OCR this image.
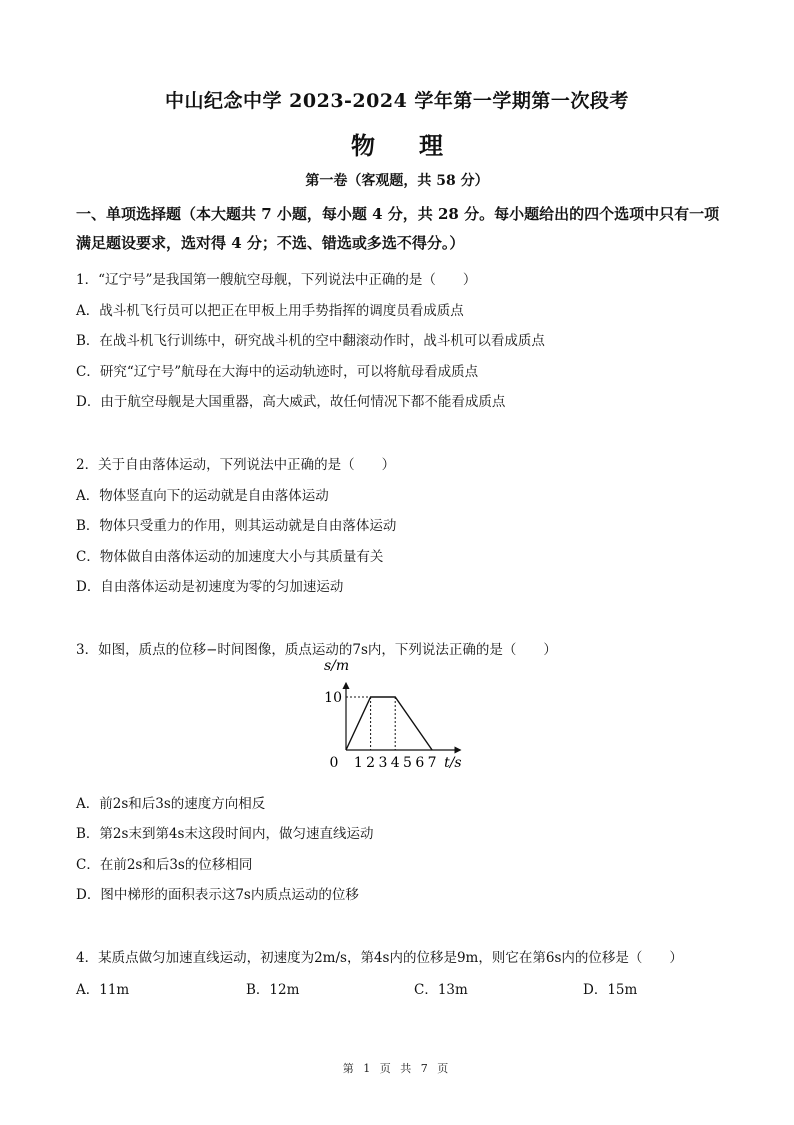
中山纪念中学 2023-2024 学年第一学期第一次段考
物 理
第一卷（客观题，共 58 分）
一、单项选择题（本大题共 7 小题，每小题 4 分，共 28 分。每小题给出的四个选项中只有一项满足题设要求，选对得 4 分；不选、错选或多选不得分。）
1．“辽宁号”是我国第一艘航空母舰，下列说法中正确的是（　　）
A．战斗机飞行员可以把正在甲板上用手势指挥的调度员看成质点
B．在战斗机飞行训练中，研究战斗机的空中翻滚动作时，战斗机可以看成质点
C．研究“辽宁号”航母在大海中的运动轨迹时，可以将航母看成质点
D．由于航空母舰是大国重器，高大威武，故任何情况下都不能看成质点
2．关于自由落体运动，下列说法中正确的是（　　）
A．物体竖直向下的运动就是自由落体运动
B．物体只受重力的作用，则其运动就是自由落体运动
C．物体做自由落体运动的加速度大小与其质量有关
D．自由落体运动是初速度为零的匀加速运动
3．如图，质点的位移−时间图像，质点运动的7s内，下列说法正确的是（　　）
s/m
t/s
0 1 2 3 4 5 6 7
10
A．前2s和后3s的速度方向相反
B．第2s末到第4s末这段时间内，做匀速直线运动
C．在前2s和后3s的位移相同
D．图中梯形的面积表示这7s内质点运动的位移
4．某质点做匀加速直线运动，初速度为2m/s，第4s内的位移是9m，则它在第6s内的位移是（　　）
A．11m	B．12m	C．13m	D．15m
第 1 页 共 7 页
